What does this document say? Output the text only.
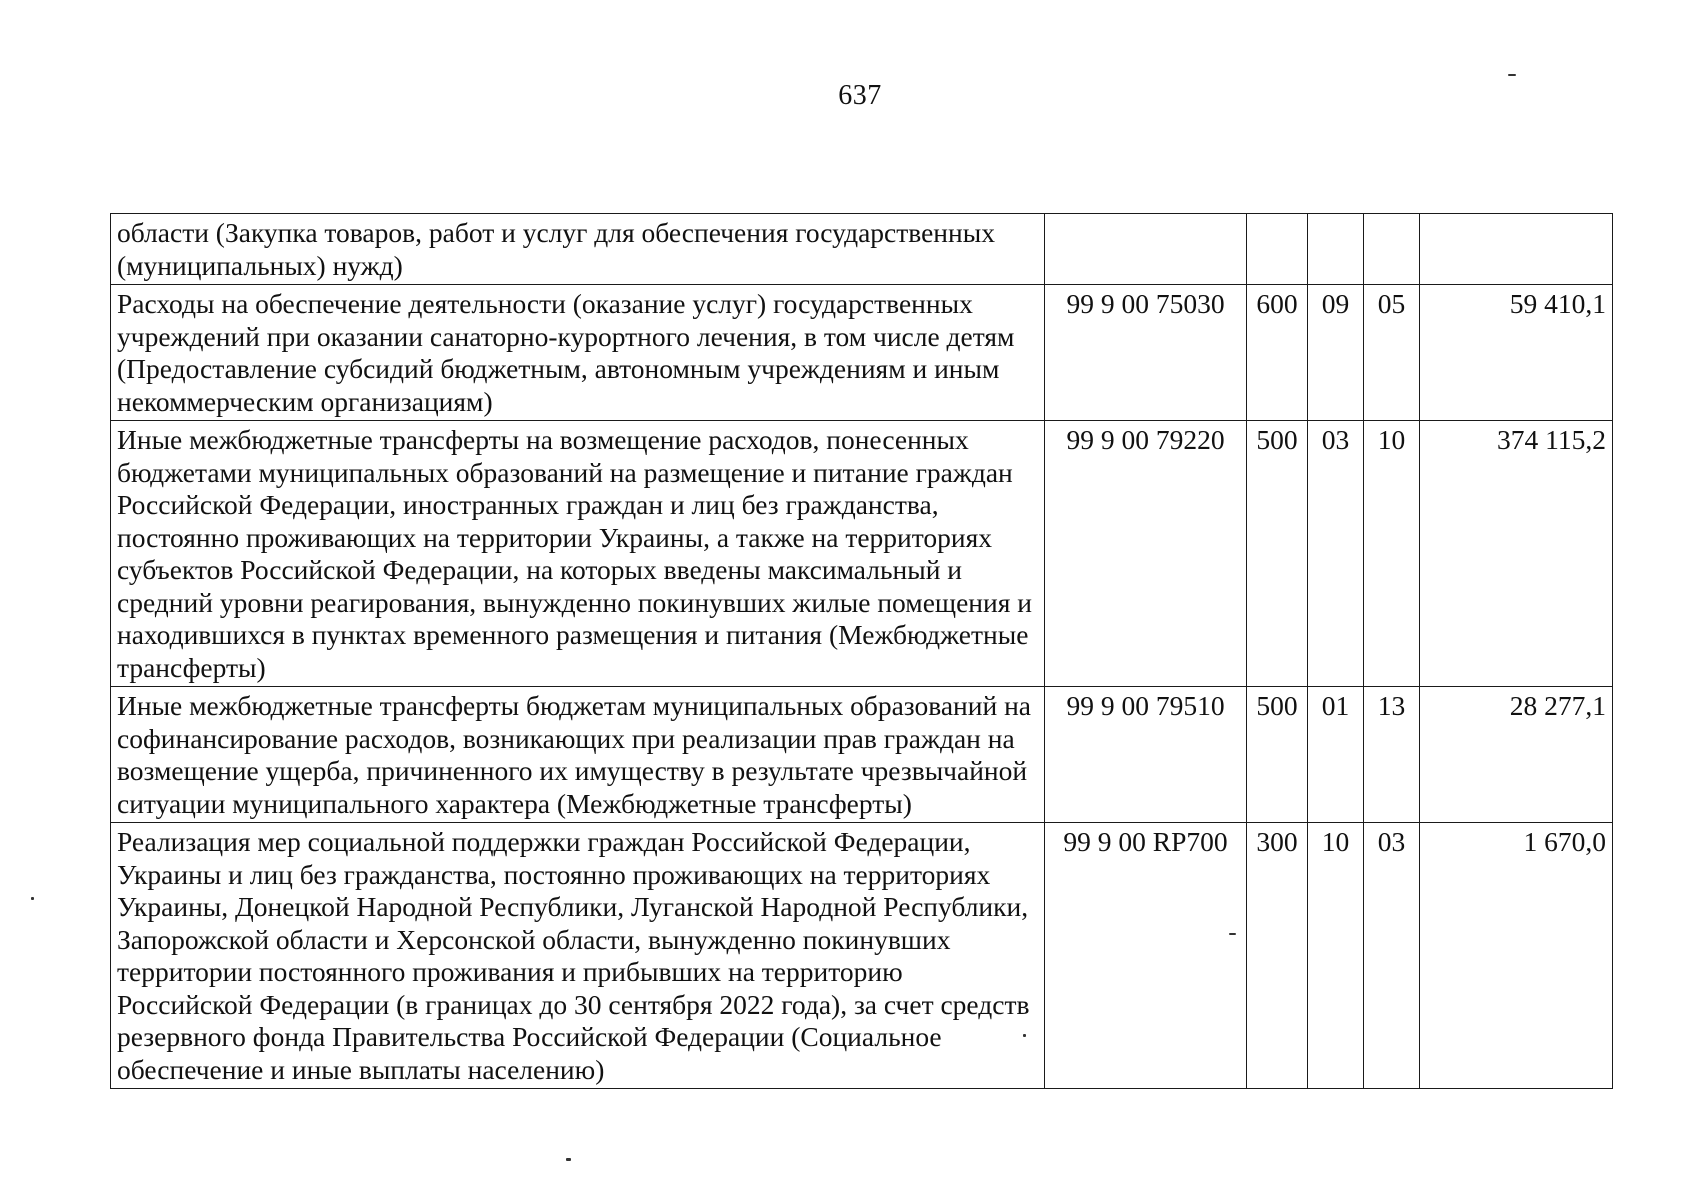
637
области (Закупка товаров, работ и услуг для обеспечения государственных (муниципальных) нужд)					

Расходы на обеспечение деятельности (оказание услуг) государственных учреждений при оказании санаторно-курортного лечения, в том числе детям (Предоставление субсидий бюджетным, автономным учреждениям и иным некоммерческим организациям)	99 9 00 75030	600	09	05	59 410,1

Иные межбюджетные трансферты на возмещение расходов, понесенных бюджетами муниципальных образований на размещение и питание граждан Российской Федерации, иностранных граждан и лиц без гражданства, постоянно проживающих на территории Украины, а также на территориях субъектов Российской Федерации, на которых введены максимальный и средний уровни реагирования, вынужденно покинувших жилые помещения и находившихся в пунктах временного размещения и питания (Межбюджетные трансферты)	99 9 00 79220	500	03	10	374 115,2

Иные межбюджетные трансферты бюджетам муниципальных образований на софинансирование расходов, возникающих при реализации прав граждан на возмещение ущерба, причиненного их имуществу в результате чрезвычайной ситуации муниципального характера (Межбюджетные трансферты)	99 9 00 79510	500	01	13	28 277,1

Реализация мер социальной поддержки граждан Российской Федерации, Украины и лиц без гражданства, постоянно проживающих на территориях Украины, Донецкой Народной Республики, Луганской Народной Республики, Запорожской области и Херсонской области, вынужденно покинувших территории постоянного проживания и прибывших на территорию Российской Федерации (в границах до 30 сентября 2022 года), за счет средств резервного фонда Правительства Российской Федерации (Социальное обеспечение и иные выплаты населению)	99 9 00 RP700	300	10	03	1 670,0
